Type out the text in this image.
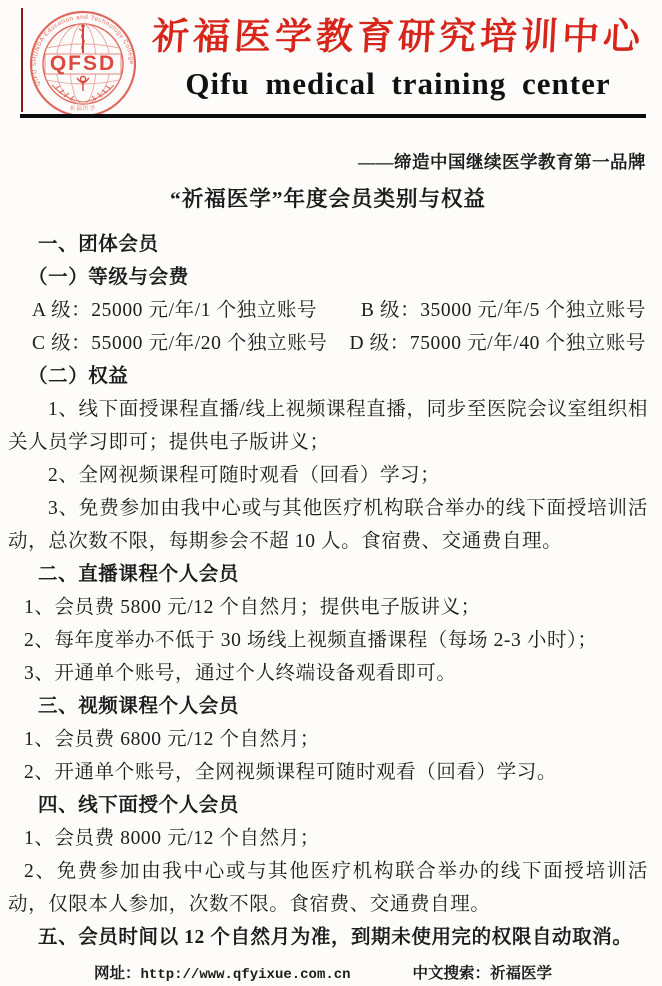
QIFU SHUNDA Education and Technology College
QFSD
祈福医学
祈福医学教育研究培训中心
Qifu medical training center
——缔造中国继续医学教育第一品牌
“祈福医学”年度会员类别与权益
一、团体会员
（一）等级与会费
A 级：25000 元/年/1 个独立账号 B 级：35000 元/年/5 个独立账号
C 级：55000 元/年/20 个独立账号 D 级：75000 元/年/40 个独立账号
（二）权益
1、线下面授课程直播/线上视频课程直播，同步至医院会议室组织相关人员学习即可；提供电子版讲义；
2、全网视频课程可随时观看（回看）学习；
3、免费参加由我中心或与其他医疗机构联合举办的线下面授培训活动，总次数不限，每期参会不超 10 人。食宿费、交通费自理。
二、直播课程个人会员
1、会员费 5800 元/12 个自然月；提供电子版讲义；
2、每年度举办不低于 30 场线上视频直播课程（每场 2-3 小时）；
3、开通单个账号，通过个人终端设备观看即可。
三、视频课程个人会员
1、会员费 6800 元/12 个自然月；
2、开通单个账号，全网视频课程可随时观看（回看）学习。
四、线下面授个人会员
1、会员费 8000 元/12 个自然月；
2、免费参加由我中心或与其他医疗机构联合举办的线下面授培训活动，仅限本人参加，次数不限。食宿费、交通费自理。
五、会员时间以 12 个自然月为准，到期未使用完的权限自动取消。
网址：http://www.qfyixue.com.cn	中文搜索：祈福医学
